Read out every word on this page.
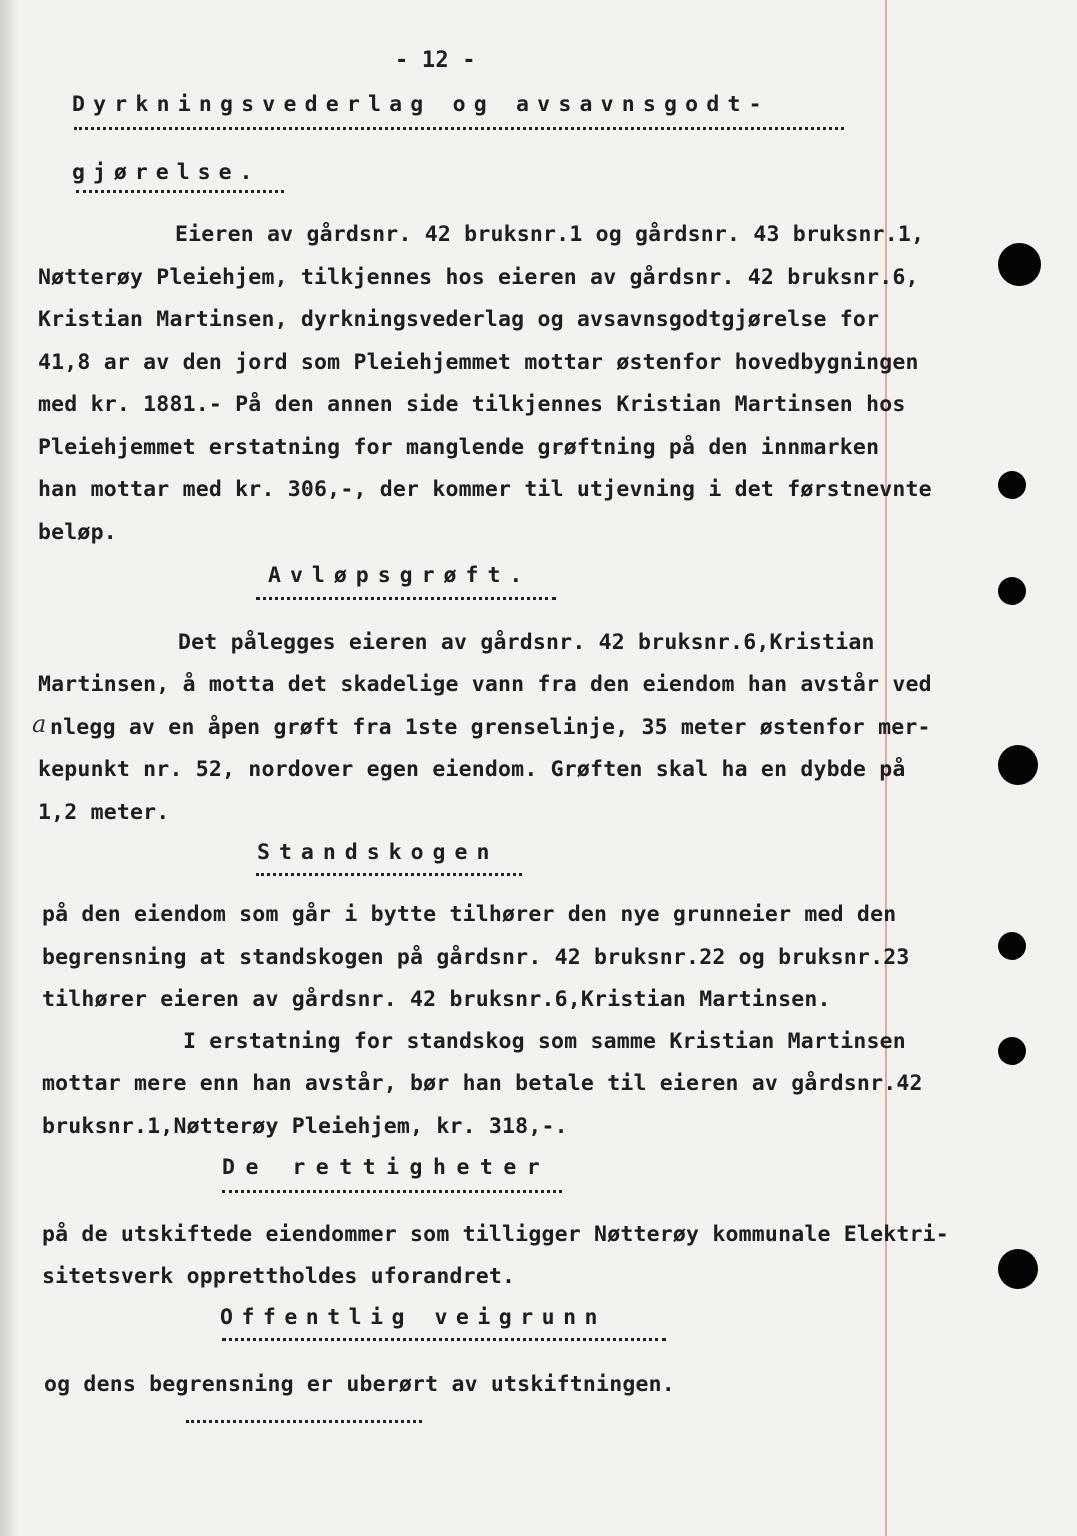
- 12 -
Dyrkningsvederlag og avsavnsgodt-
gjørelse.
Eieren av gårdsnr. 42 bruksnr.1 og gårdsnr. 43 bruksnr.1,
Nøtterøy Pleiehjem, tilkjennes hos eieren av gårdsnr. 42 bruksnr.6,
Kristian Martinsen, dyrkningsvederlag og avsavnsgodtgjørelse for
41,8 ar av den jord som Pleiehjemmet mottar østenfor hovedbygningen
med kr. 1881.- På den annen side tilkjennes Kristian Martinsen hos
Pleiehjemmet erstatning for manglende grøftning på den innmarken
han mottar med kr. 306,-, der kommer til utjevning i det førstnevnte
beløp.
Avløpsgrøft.
Det pålegges eieren av gårdsnr. 42 bruksnr.6,Kristian
Martinsen, å motta det skadelige vann fra den eiendom han avstår ved
a nlegg av en åpen grøft fra 1ste grenselinje, 35 meter østenfor mer-
kepunkt nr. 52, nordover egen eiendom. Grøften skal ha en dybde på
1,2 meter.
Standskogen
på den eiendom som går i bytte tilhører den nye grunneier med den
begrensning at standskogen på gårdsnr. 42 bruksnr.22 og bruksnr.23
tilhører eieren av gårdsnr. 42 bruksnr.6,Kristian Martinsen.
I erstatning for standskog som samme Kristian Martinsen
mottar mere enn han avstår, bør han betale til eieren av gårdsnr.42
bruksnr.1,Nøtterøy Pleiehjem, kr. 318,-.
De rettigheter
på de utskiftede eiendommer som tilligger Nøtterøy kommunale Elektri-
sitetsverk opprettholdes uforandret.
Offentlig veigrunn
og dens begrensning er uberørt av utskiftningen.
